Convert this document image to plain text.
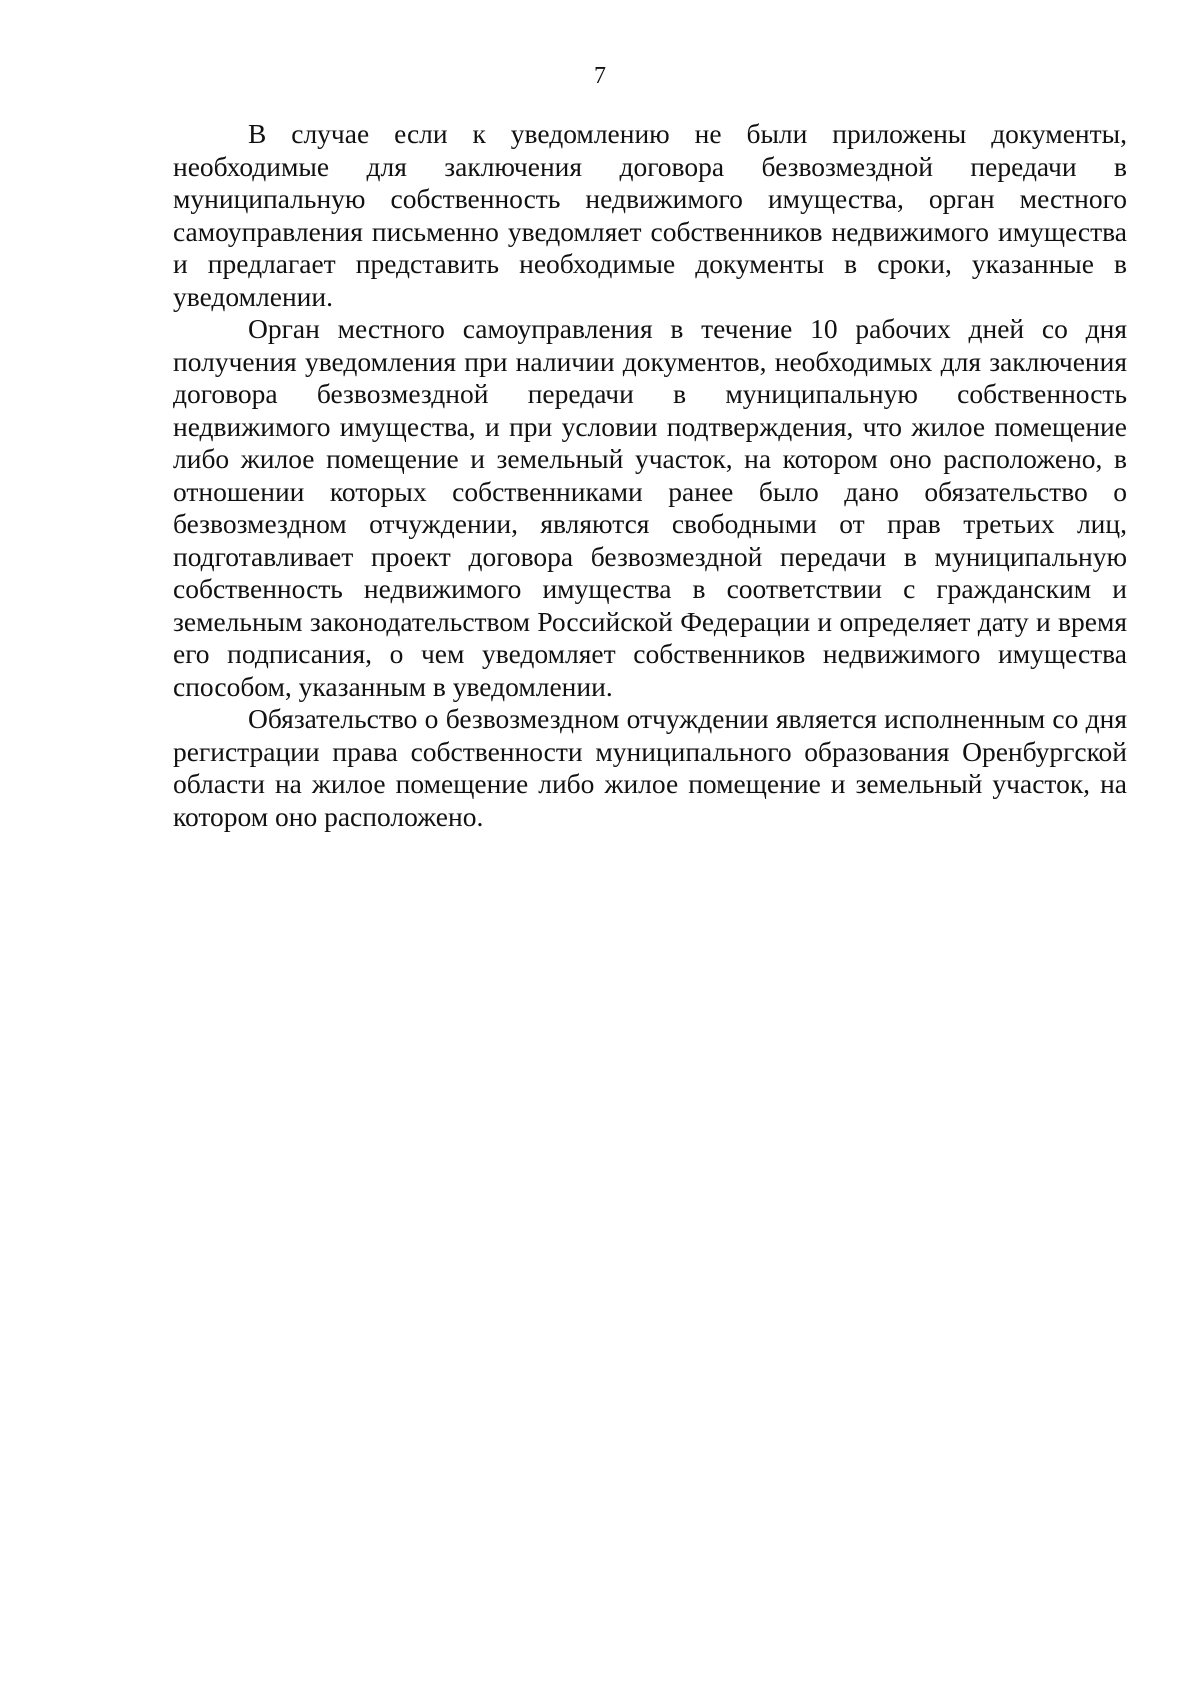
7

В случае если к уведомлению не были приложены документы, необходимые для заключения договора безвозмездной передачи в муниципальную собственность недвижимого имущества, орган местного самоуправления письменно уведомляет собственников недвижимого имущества и предлагает представить необходимые документы в сроки, указанные в уведомлении.

Орган местного самоуправления в течение 10 рабочих дней со дня получения уведомления при наличии документов, необходимых для заключения договора безвозмездной передачи в муниципальную собственность недвижимого имущества, и при условии подтверждения, что жилое помещение либо жилое помещение и земельный участок, на котором оно расположено, в отношении которых собственниками ранее было дано обязательство о безвозмездном отчуждении, являются свободными от прав третьих лиц, подготавливает проект договора безвозмездной передачи в муниципальную собственность недвижимого имущества в соответствии с гражданским и земельным законодательством Российской Федерации и определяет дату и время его подписания, о чем уведомляет собственников недвижимого имущества способом, указанным в уведомлении.

Обязательство о безвозмездном отчуждении является исполненным со дня регистрации права собственности муниципального образования Оренбургской области на жилое помещение либо жилое помещение и земельный участок, на котором оно расположено.
